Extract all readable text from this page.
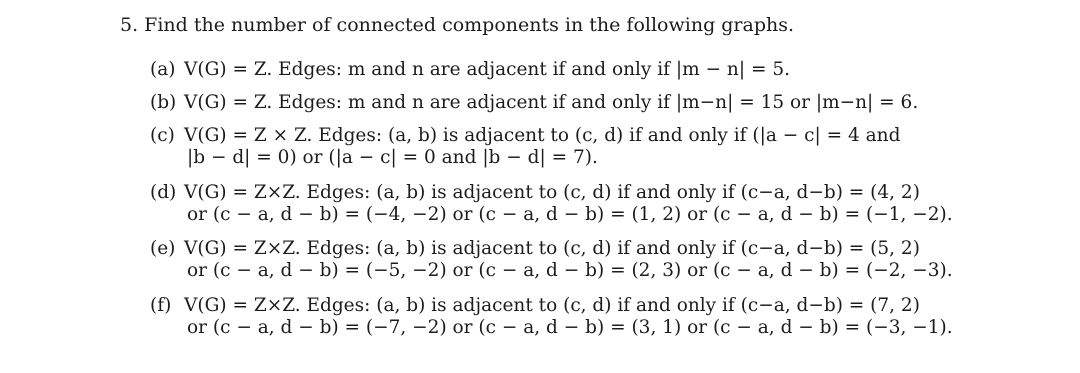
5. Find the number of connected components in the following graphs.
(a) V(G) = Z. Edges: m and n are adjacent if and only if |m − n| = 5.
(b) V(G) = Z. Edges: m and n are adjacent if and only if |m−n| = 15 or |m−n| = 6.
(c) V(G) = Z × Z. Edges: (a, b) is adjacent to (c, d) if and only if (|a − c| = 4 and
|b − d| = 0) or (|a − c| = 0 and |b − d| = 7).
(d) V(G) = Z×Z. Edges: (a, b) is adjacent to (c, d) if and only if (c−a, d−b) = (4, 2)
or (c − a, d − b) = (−4, −2) or (c − a, d − b) = (1, 2) or (c − a, d − b) = (−1, −2).
(e) V(G) = Z×Z. Edges: (a, b) is adjacent to (c, d) if and only if (c−a, d−b) = (5, 2)
or (c − a, d − b) = (−5, −2) or (c − a, d − b) = (2, 3) or (c − a, d − b) = (−2, −3).
(f) V(G) = Z×Z. Edges: (a, b) is adjacent to (c, d) if and only if (c−a, d−b) = (7, 2)
or (c − a, d − b) = (−7, −2) or (c − a, d − b) = (3, 1) or (c − a, d − b) = (−3, −1).
